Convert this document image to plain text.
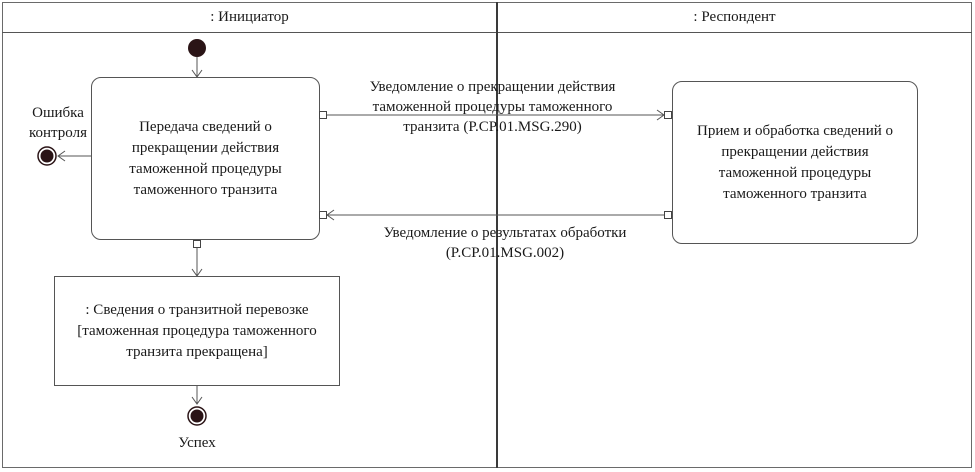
: Инициатор	: Респондент
Передача сведений о
прекращении действия
таможенной процедуры
таможенного транзита
Прием и обработка сведений о
прекращении действия
таможенной процедуры
таможенного транзита
: Сведения о транзитной перевозке
[таможенная процедура таможенного
транзита прекращена]
Уведомление о прекращении действия
таможенной процедуры таможенного
транзита (P.CP.01.MSG.290)
Уведомление о результатах обработки
(P.CP.01.MSG.002)
Ошибка
контроля
Успех
